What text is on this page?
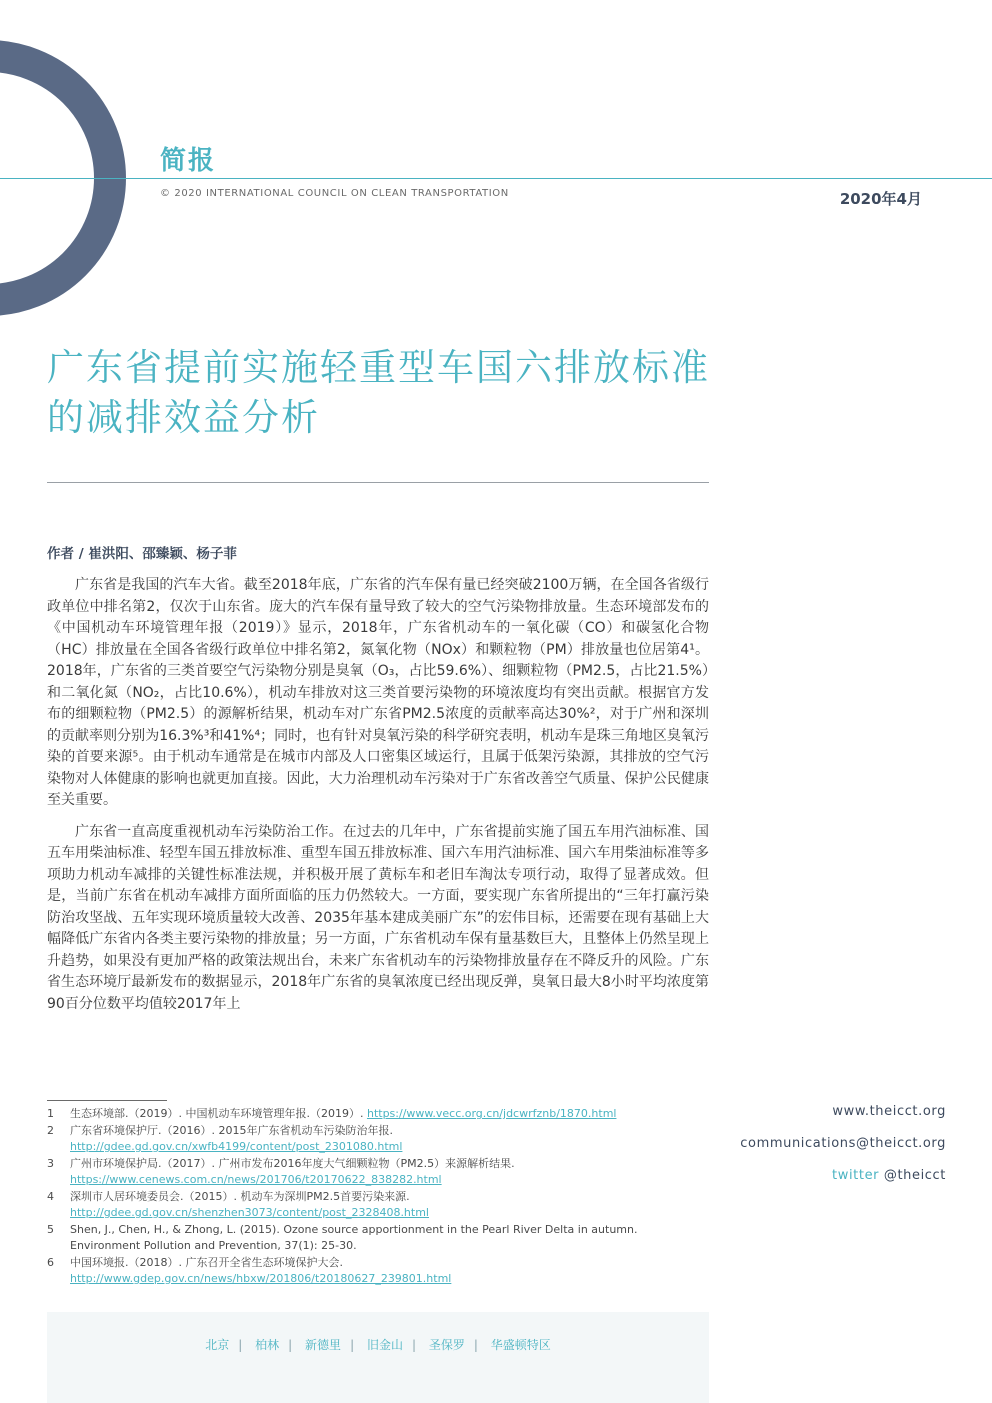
简报
© 2020 INTERNATIONAL COUNCIL ON CLEAN TRANSPORTATION	2020年4月
广东省提前实施轻重型车国六排放标准
的减排效益分析
作者 / 崔洪阳、邵臻颖、杨子菲

广东省是我国的汽车大省。截至2018年底，广东省的汽车保有量已经突破2100万辆，在全国各省级行政单位中排名第2，仅次于山东省。庞大的汽车保有量导致了较大的空气污染物排放量。生态环境部发布的《中国机动车环境管理年报（2019）》显示，2018年，广东省机动车的一氧化碳（CO）和碳氢化合物（HC）排放量在全国各省级行政单位中排名第2，氮氧化物（NOx）和颗粒物（PM）排放量也位居第4¹。2018年，广东省的三类首要空气污染物分别是臭氧（O₃，占比59.6%）、细颗粒物（PM2.5，占比21.5%）和二氧化氮（NO₂，占比10.6%），机动车排放对这三类首要污染物的环境浓度均有突出贡献。根据官方发布的细颗粒物（PM2.5）的源解析结果，机动车对广东省PM2.5浓度的贡献率高达30%²，对于广州和深圳的贡献率则分别为16.3%³和41%⁴；同时，也有针对臭氧污染的科学研究表明，机动车是珠三角地区臭氧污染的首要来源⁵。由于机动车通常是在城市内部及人口密集区域运行，且属于低架污染源，其排放的空气污染物对人体健康的影响也就更加直接。因此，大力治理机动车污染对于广东省改善空气质量、保护公民健康至关重要。

广东省一直高度重视机动车污染防治工作。在过去的几年中，广东省提前实施了国五车用汽油标准、国五车用柴油标准、轻型车国五排放标准、重型车国五排放标准、国六车用汽油标准、国六车用柴油标准等多项助力机动车减排的关键性标准法规，并积极开展了黄标车和老旧车淘汰专项行动，取得了显著成效。但是，当前广东省在机动车减排方面所面临的压力仍然较大。一方面，要实现广东省所提出的“三年打赢污染防治攻坚战、五年实现环境质量较大改善、2035年基本建成美丽广东”的宏伟目标，还需要在现有基础上大幅降低广东省内各类主要污染物的排放量；另一方面，广东省机动车保有量基数巨大，且整体上仍然呈现上升趋势，如果没有更加严格的政策法规出台，未来广东省机动车的污染物排放量存在不降反升的风险。广东省生态环境厅最新发布的数据显示，2018年广东省的臭氧浓度已经出现反弹，臭氧日最大8小时平均浓度第90百分位数平均值较2017年上

1	生态环境部.（2019）. 中国机动车环境管理年报.（2019）. https://www.vecc.org.cn/jdcwrfznb/1870.html
2	广东省环境保护厅.（2016）. 2015年广东省机动车污染防治年报. http://gdee.gd.gov.cn/xwfb4199/content/post_2301080.html
3	广州市环境保护局.（2017）. 广州市发布2016年度大气细颗粒物（PM2.5）来源解析结果. https://www.cenews.com.cn/news/201706/t20170622_838282.html
4	深圳市人居环境委员会.（2015）. 机动车为深圳PM2.5首要污染来源. http://gdee.gd.gov.cn/shenzhen3073/content/post_2328408.html
5	Shen, J., Chen, H., & Zhong, L. (2015). Ozone source apportionment in the Pearl River Delta in autumn. Environment Pollution and Prevention, 37(1): 25-30.
6	中国环境报.（2018）. 广东召开全省生态环境保护大会. http://www.gdep.gov.cn/news/hbxw/201806/t20180627_239801.html
www.theicct.org
communications@theicct.org
twitter @theicct
北京 | 柏林 | 新德里 | 旧金山 | 圣保罗 | 华盛顿特区
